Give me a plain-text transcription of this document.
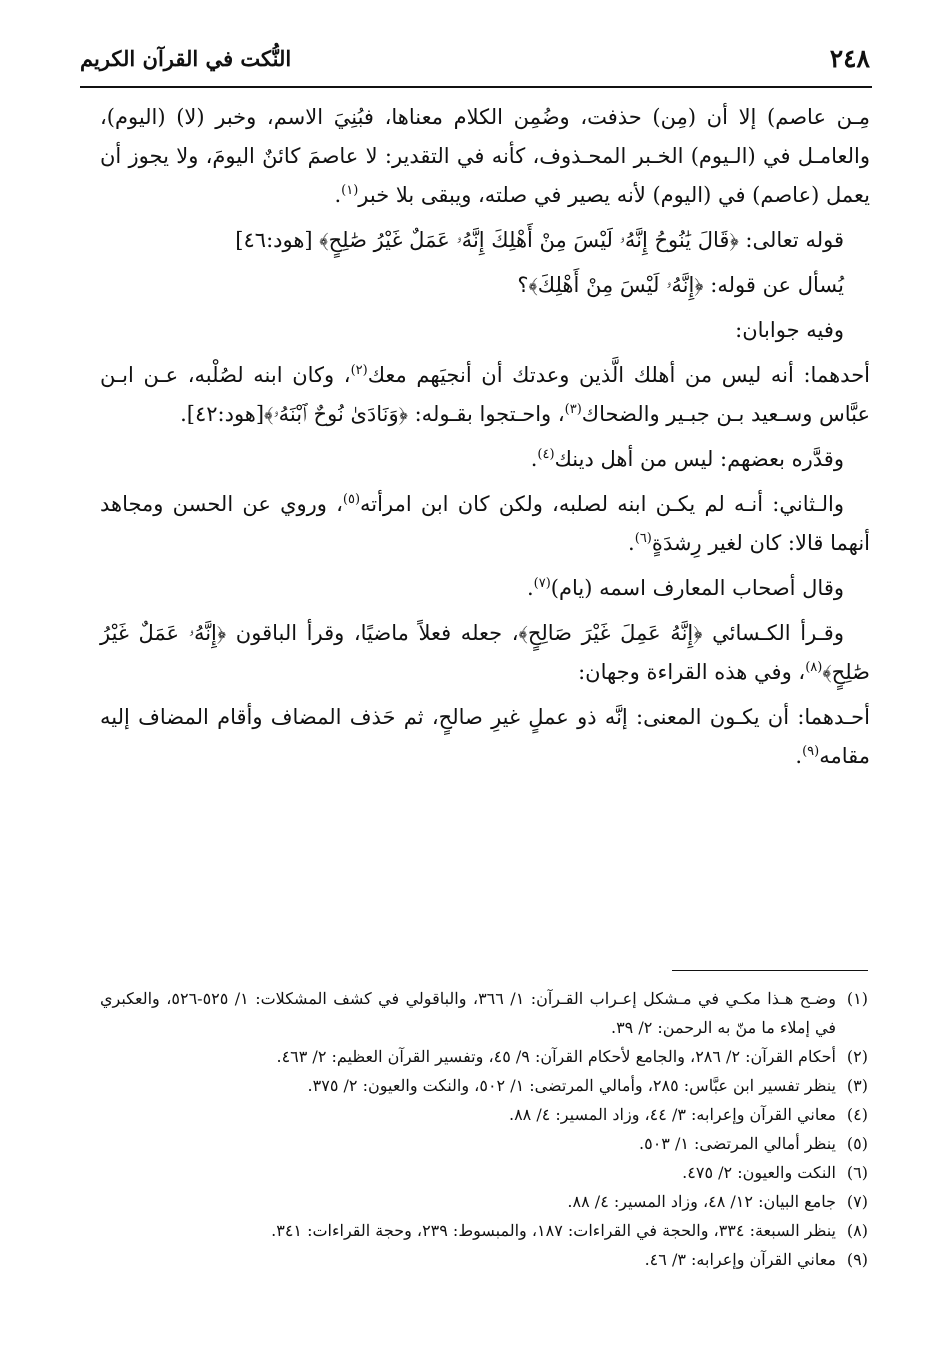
٢٤٨
النُّكت في القرآن الكريم

مِـن عاصم) إلا أن (مِن) حذفت، وضُمِن الكلام معناها، فبُنِيَ الاسم، وخبر (لا) (اليوم)، والعامـل في (الـيوم) الخـبر المحـذوف، كأنه في التقدير: لا عاصمَ كائنٌ اليومَ، ولا يجوز أن يعمل (عاصم) في (اليوم) لأنه يصير في صلته، ويبقى بلا خبر$^{(١)}$.

قوله تعالى: ﴿قَالَ يَٰنُوحُ إِنَّهُۥ لَيْسَ مِنْ أَهْلِكَ إِنَّهُۥ عَمَلٌ غَيْرُ صَٰلِحٍ﴾ [هود:٤٦]

يُسأل عن قوله: ﴿إِنَّهُۥ لَيْسَ مِنْ أَهْلِكَ﴾؟

وفيه جوابان:

أحدهما: أنه ليس من أهلك الَّذين وعدتك أن أنجيَهم معك$^{(٢)}$، وكان ابنه لصُلْبه، عـن ابـن عبَّاس وسـعيد بـن جبـير والضحاك$^{(٣)}$، واحـتجوا بقـوله: ﴿وَنَادَىٰ نُوحٌ ٱبْنَهُۥ﴾[هود:٤٢].

وقدَّره بعضهم: ليس من أهل دينك$^{(٤)}$.

والـثاني: أنـه لم يكـن ابنه لصلبه، ولكن كان ابن امرأته$^{(٥)}$، وروي عن الحسن ومجاهد أنهما قالا: كان لغير رِشدَةٍ$^{(٦)}$.

وقال أصحاب المعارف اسمه (يام)$^{(٧)}$.

وقـرأ الكـسائي ﴿إِنَّهُ عَمِلَ غَيْرَ صَالِحٍ﴾، جعله فعلاً ماضيًا، وقرأ الباقون ﴿إِنَّهُۥ عَمَلٌ غَيْرُ صَٰلِحٍ﴾$^{(٨)}$، وفي هذه القراءة وجهان:

أحـدهما: أن يكـون المعنى: إنَّه ذو عملٍ غيرِ صالحٍ، ثم حَذف المضاف وأقام المضاف إليه مقامه$^{(٩)}$.

(١)
وضـح هـذا مكـي في مـشكل إعـراب القـرآن: ١/ ٣٦٦، والباقولي في كشف المشكلات: ١/ ٥٢٥-٥٢٦، والعكبري في إملاء ما منّ به الرحمن: ٢/ ٣٩.

(٢)
أحكام القرآن: ٢/ ٢٨٦، والجامع لأحكام القرآن: ٩/ ٤٥، وتفسير القرآن العظيم: ٢/ ٤٦٣.

(٣)
ينظر تفسير ابن عبَّاس: ٢٨٥، وأمالي المرتضى: ١/ ٥٠٢، والنكت والعيون: ٢/ ٣٧٥.

(٤)
معاني القرآن وإعرابه: ٣/ ٤٤، وزاد المسير: ٤/ ٨٨.

(٥)
ينظر أمالي المرتضى: ١/ ٥٠٣.

(٦)
النكت والعيون: ٢/ ٤٧٥.

(٧)
جامع البيان: ١٢/ ٤٨، وزاد المسير: ٤/ ٨٨.

(٨)
ينظر السبعة: ٣٣٤، والحجة في القراءات: ١٨٧، والمبسوط: ٢٣٩، وحجة القراءات: ٣٤١.

(٩)
معاني القرآن وإعرابه: ٣/ ٤٦.
